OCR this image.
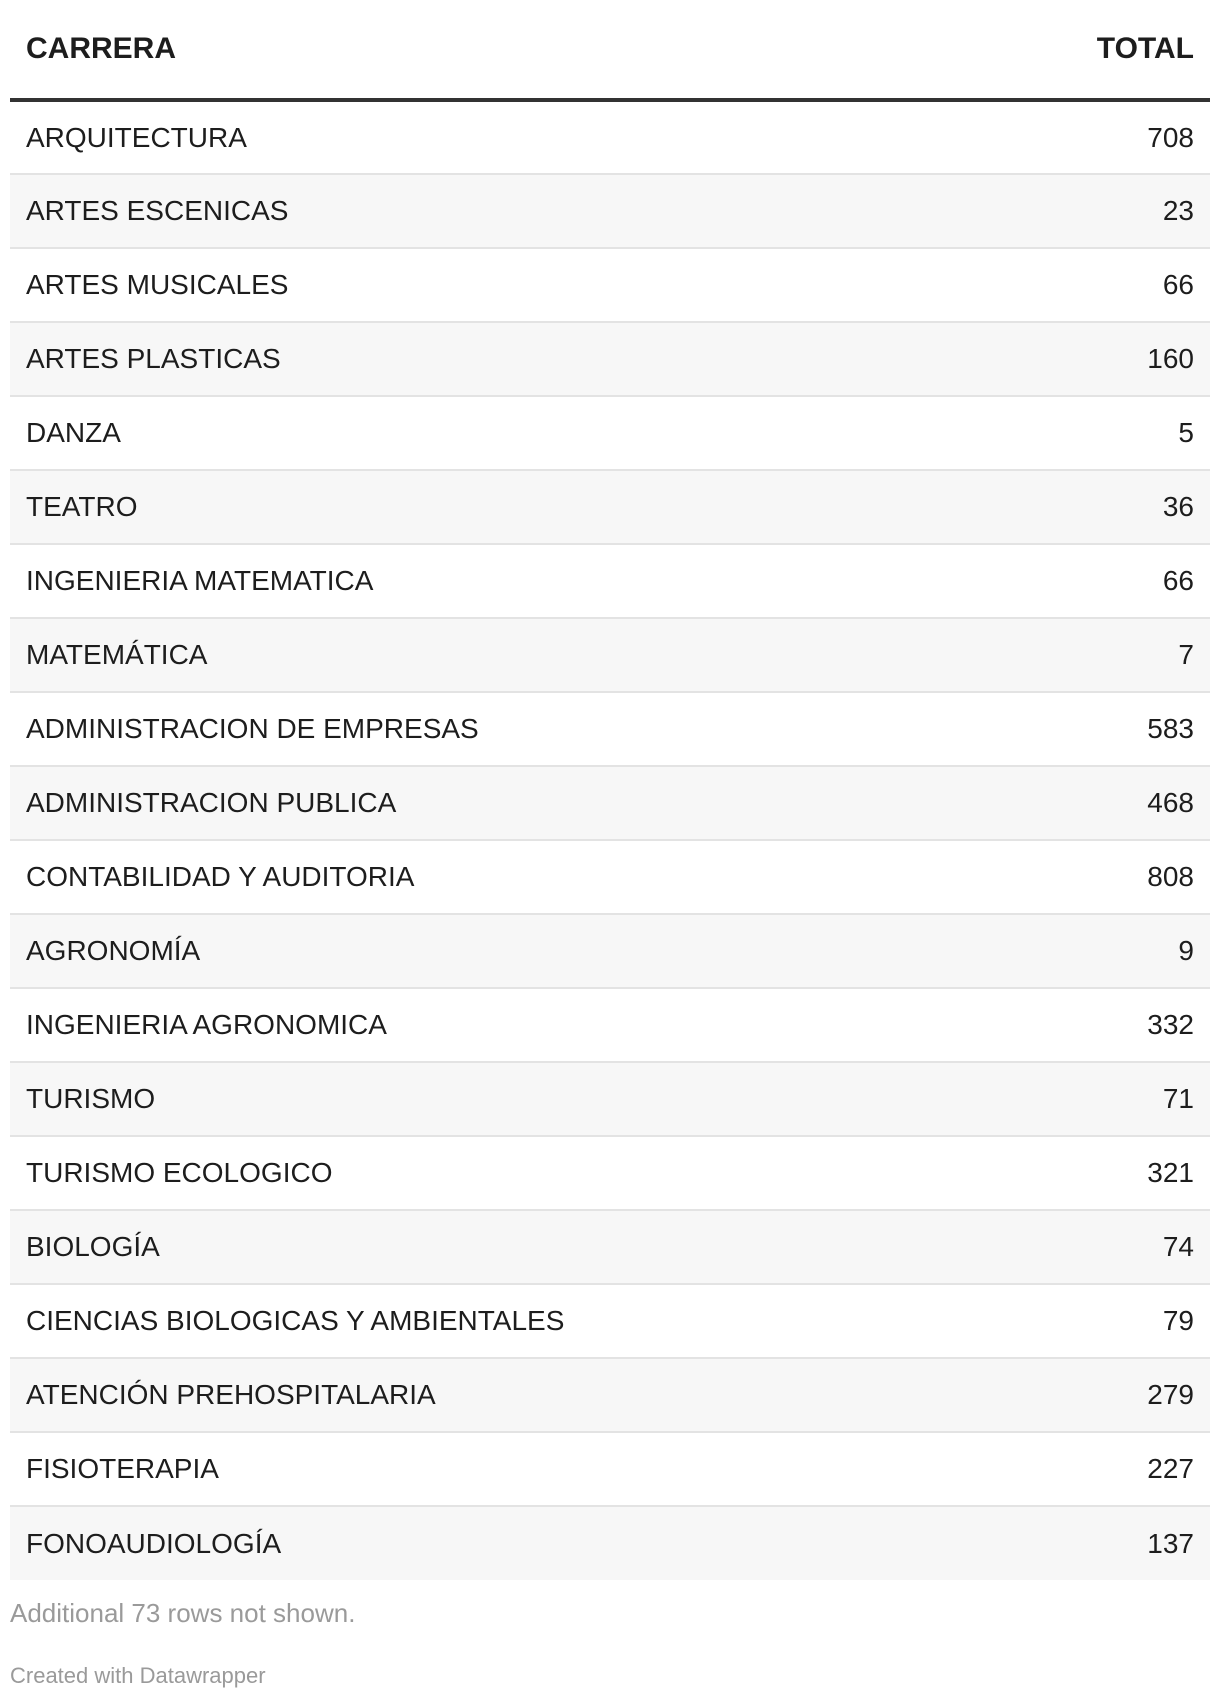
CARRERA	TOTAL
ARQUITECTURA	708
ARTES ESCENICAS	23
ARTES MUSICALES	66
ARTES PLASTICAS	160
DANZA	5
TEATRO	36
INGENIERIA MATEMATICA	66
MATEMÁTICA	7
ADMINISTRACION DE EMPRESAS	583
ADMINISTRACION PUBLICA	468
CONTABILIDAD Y AUDITORIA	808
AGRONOMÍA	9
INGENIERIA AGRONOMICA	332
TURISMO	71
TURISMO ECOLOGICO	321
BIOLOGÍA	74
CIENCIAS BIOLOGICAS Y AMBIENTALES	79
ATENCIÓN PREHOSPITALARIA	279
FISIOTERAPIA	227
FONOAUDIOLOGÍA	137
Additional 73 rows not shown.
Created with Datawrapper
